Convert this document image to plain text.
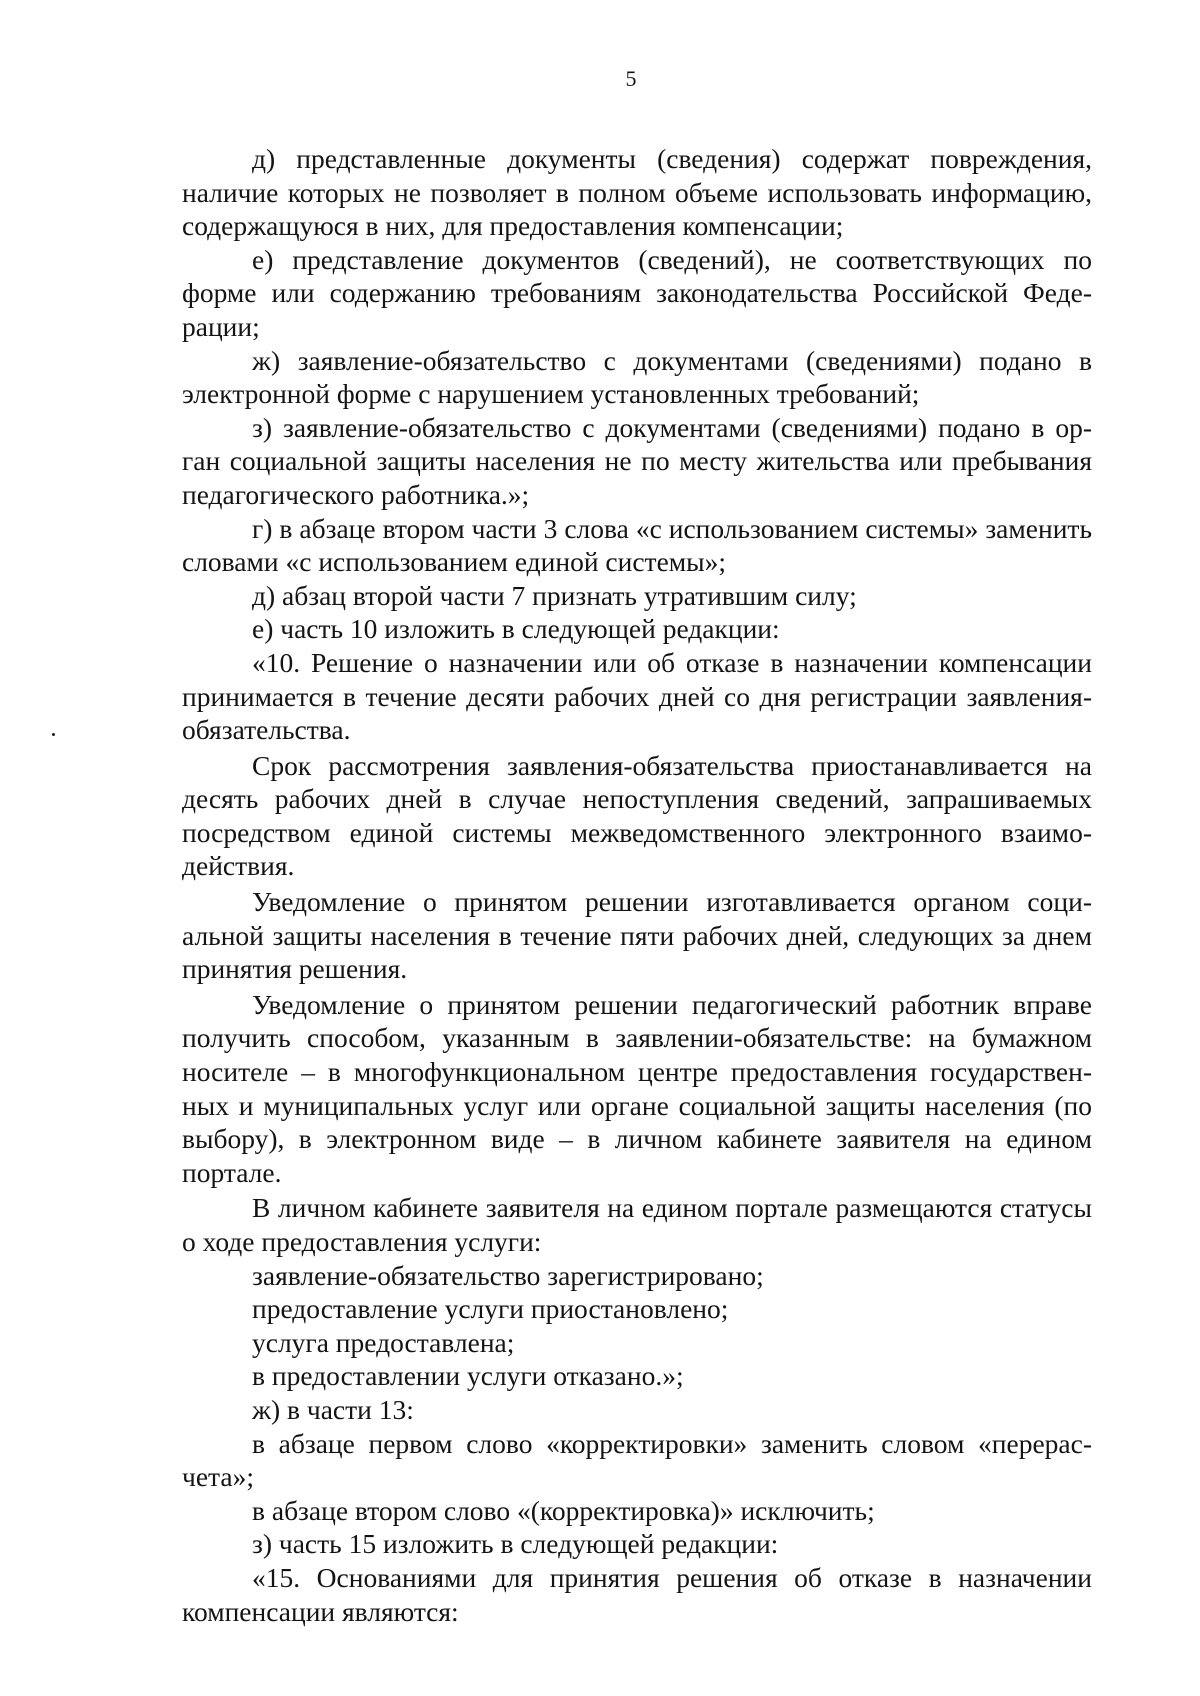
5

д) представленные документы (сведения) содержат повреждения, наличие которых не позволяет в полном объеме использовать информацию, содержащуюся в них, для предоставления компенсации;

е) представление документов (сведений), не соответствующих по форме или содержанию требованиям законодательства Российской Федерации;

ж) заявление-обязательство с документами (сведениями) подано в электронной форме с нарушением установленных требований;

з) заявление-обязательство с документами (сведениями) подано в орган социальной защиты населения не по месту жительства или пребывания педагогического работника.»;

г) в абзаце втором части 3 слова «с использованием системы» заменить словами «с использованием единой системы»;

д) абзац второй части 7 признать утратившим силу;

е) часть 10 изложить в следующей редакции:

«10. Решение о назначении или об отказе в назначении компенсации принимается в течение десяти рабочих дней со дня регистрации заявления-обязательства.

Срок рассмотрения заявления-обязательства приостанавливается на десять рабочих дней в случае непоступления сведений, запрашиваемых посредством единой системы межведомственного электронного взаимодействия.

Уведомление о принятом решении изготавливается органом социальной защиты населения в течение пяти рабочих дней, следующих за днем принятия решения.

Уведомление о принятом решении педагогический работник вправе получить способом, указанным в заявлении-обязательстве: на бумажном носителе – в многофункциональном центре предоставления государственных и муниципальных услуг или органе социальной защиты населения (по выбору), в электронном виде – в личном кабинете заявителя на едином портале.

В личном кабинете заявителя на едином портале размещаются статусы о ходе предоставления услуги:

заявление-обязательство зарегистрировано;

предоставление услуги приостановлено;

услуга предоставлена;

в предоставлении услуги отказано.»;

ж) в части 13:

в абзаце первом слово «корректировки» заменить словом «перерасчета»;

в абзаце втором слово «(корректировка)» исключить;

з) часть 15 изложить в следующей редакции:

«15. Основаниями для принятия решения об отказе в назначении компенсации являются:
